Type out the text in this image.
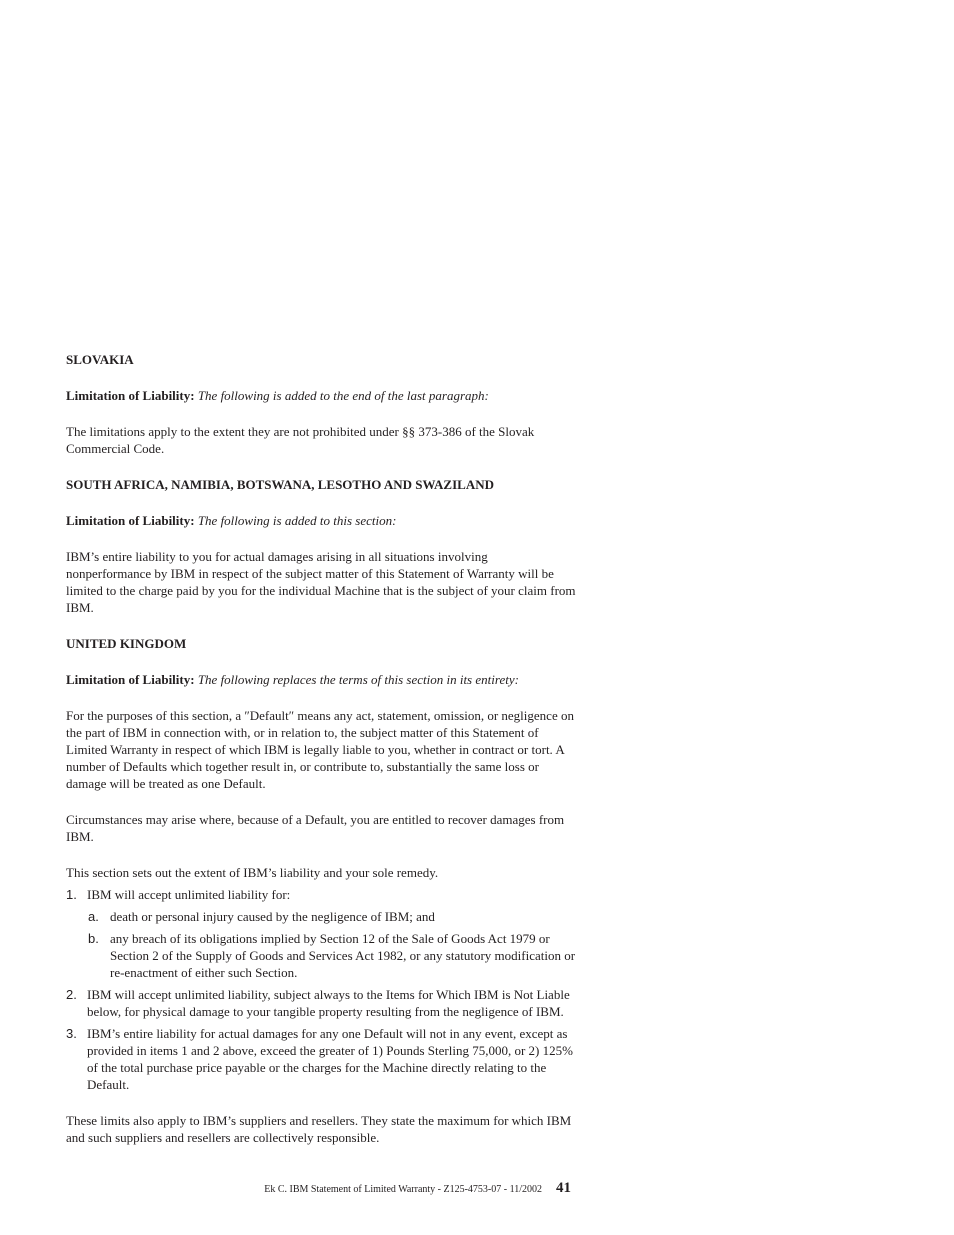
SLOVAKIA
Limitation of Liability: The following is added to the end of the last paragraph:
The limitations apply to the extent they are not prohibited under §§ 373-386 of the Slovak Commercial Code.
SOUTH AFRICA, NAMIBIA, BOTSWANA, LESOTHO AND SWAZILAND
Limitation of Liability: The following is added to this section:
IBM’s entire liability to you for actual damages arising in all situations involving nonperformance by IBM in respect of the subject matter of this Statement of Warranty will be limited to the charge paid by you for the individual Machine that is the subject of your claim from IBM.
UNITED KINGDOM
Limitation of Liability: The following replaces the terms of this section in its entirety:
For the purposes of this section, a ″Default″ means any act, statement, omission, or negligence on the part of IBM in connection with, or in relation to, the subject matter of this Statement of Limited Warranty in respect of which IBM is legally liable to you, whether in contract or tort. A number of Defaults which together result in, or contribute to, substantially the same loss or damage will be treated as one Default.
Circumstances may arise where, because of a Default, you are entitled to recover damages from IBM.
This section sets out the extent of IBM’s liability and your sole remedy.
1. IBM will accept unlimited liability for:
a. death or personal injury caused by the negligence of IBM; and
b. any breach of its obligations implied by Section 12 of the Sale of Goods Act 1979 or Section 2 of the Supply of Goods and Services Act 1982, or any statutory modification or re-enactment of either such Section.
2. IBM will accept unlimited liability, subject always to the Items for Which IBM is Not Liable below, for physical damage to your tangible property resulting from the negligence of IBM.
3. IBM’s entire liability for actual damages for any one Default will not in any event, except as provided in items 1 and 2 above, exceed the greater of 1) Pounds Sterling 75,000, or 2) 125% of the total purchase price payable or the charges for the Machine directly relating to the Default.
These limits also apply to IBM’s suppliers and resellers. They state the maximum for which IBM and such suppliers and resellers are collectively responsible.
Ek C. IBM Statement of Limited Warranty - Z125-4753-07 - 11/2002 41
